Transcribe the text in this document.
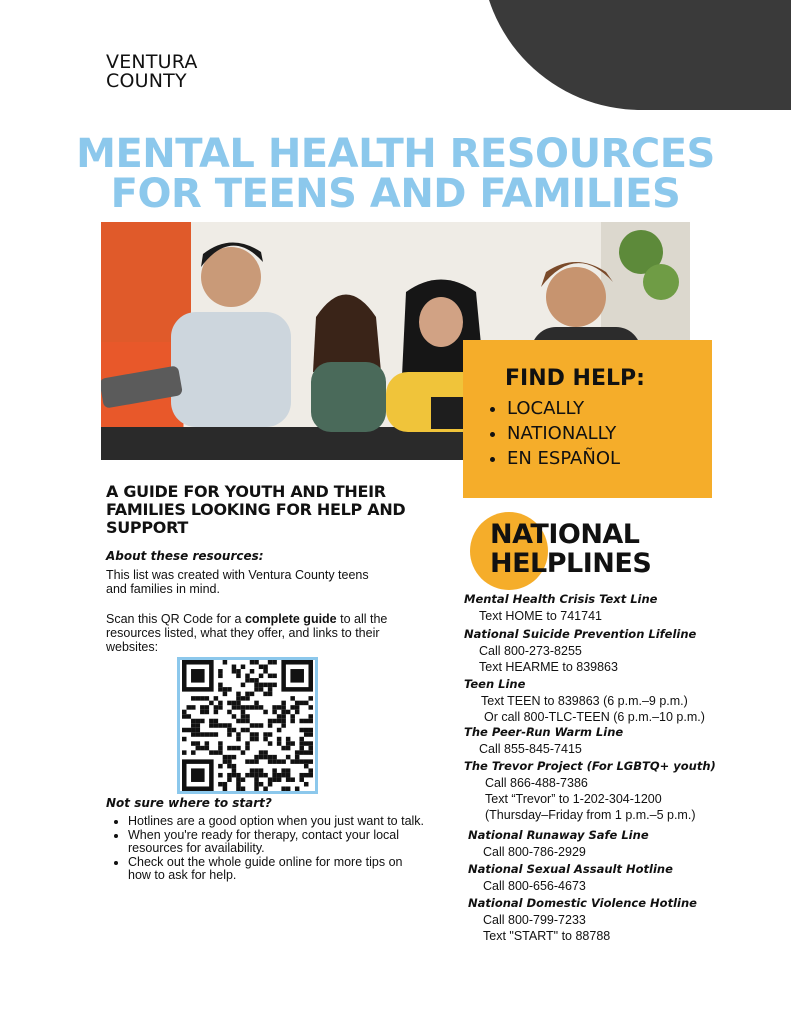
VENTURA
COUNTY
MENTAL HEALTH RESOURCES
FOR TEENS AND FAMILIES
FIND HELP:
• LOCALLY
• NATIONALLY
• EN ESPAÑOL
A GUIDE FOR YOUTH AND THEIR FAMILIES LOOKING FOR HELP AND SUPPORT
About these resources:
This list was created with Ventura County teens and families in mind.
Scan this QR Code for a complete guide to all the resources listed, what they offer, and links to their websites:
Not sure where to start?
• Hotlines are a good option when you just want to talk.
• When you're ready for therapy, contact your local resources for availability.
• Check out the whole guide online for more tips on how to ask for help.
NATIONAL
HELPLINES
Mental Health Crisis Text Line
Text HOME to 741741
National Suicide Prevention Lifeline
Call 800-273-8255
Text HEARME to 839863
Teen Line
Text TEEN to 839863 (6 p.m.–9 p.m.)
Or call 800-TLC-TEEN (6 p.m.–10 p.m.)
The Peer-Run Warm Line
Call 855-845-7415
The Trevor Project (For LGBTQ+ youth)
Call 866-488-7386
Text “Trevor” to 1-202-304-1200
(Thursday–Friday from 1 p.m.–5 p.m.)
National Runaway Safe Line
Call 800-786-2929
National Sexual Assault Hotline
Call 800-656-4673
National Domestic Violence Hotline
Call 800-799-7233
Text "START" to 88788
